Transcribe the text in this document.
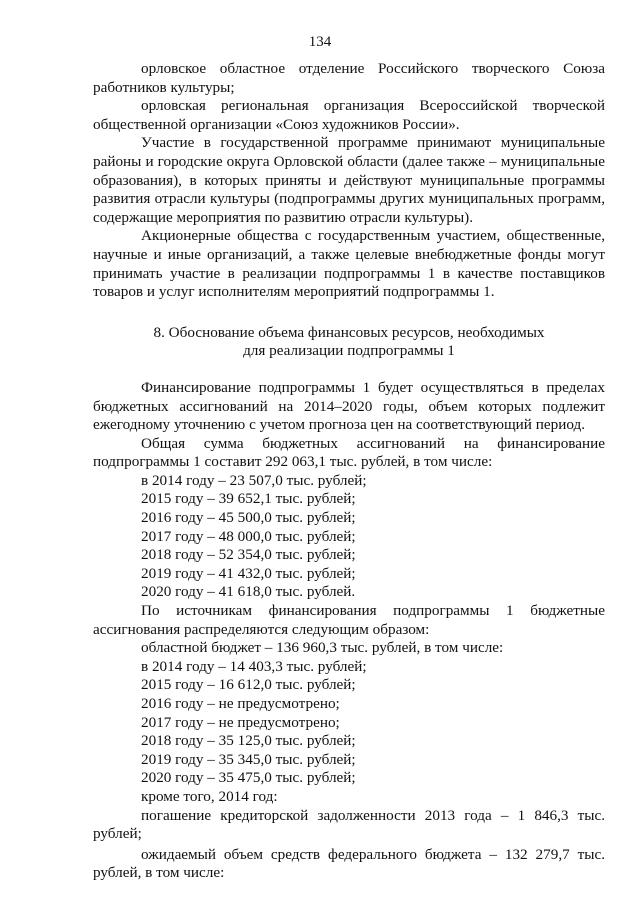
134

орловское областное отделение Российского творческого Союза работников культуры;

орловская региональная организация Всероссийской творческой общественной организации «Союз художников России».

Участие в государственной программе принимают муниципальные районы и городские округа Орловской области (далее также – муниципальные образования), в которых приняты и действуют муниципальные программы развития отрасли культуры (подпрограммы других муниципальных программ, содержащие мероприятия по развитию отрасли культуры).

Акционерные общества с государственным участием, общественные, научные и иные организаций, а также целевые внебюджетные фонды могут принимать участие в реализации подпрограммы 1 в качестве поставщиков товаров и услуг исполнителям мероприятий подпрограммы 1.

8. Обоснование объема финансовых ресурсов, необходимых
для реализации подпрограммы 1

Финансирование подпрограммы 1 будет осуществляться в пределах бюджетных ассигнований на 2014–2020 годы, объем которых подлежит ежегодному уточнению с учетом прогноза цен на соответствующий период.

Общая сумма бюджетных ассигнований на финансирование подпрограммы 1 составит 292 063,1 тыс. рублей, в том числе:

в 2014 году – 23 507,0 тыс. рублей;

2015 году – 39 652,1 тыс. рублей;

2016 году – 45 500,0 тыс. рублей;

2017 году – 48 000,0 тыс. рублей;

2018 году – 52 354,0 тыс. рублей;

2019 году – 41 432,0 тыс. рублей;

2020 году – 41 618,0 тыс. рублей.

По источникам финансирования подпрограммы 1 бюджетные ассигнования распределяются следующим образом:

областной бюджет – 136 960,3 тыс. рублей, в том числе:

в 2014 году – 14 403,3 тыс. рублей;

2015 году – 16 612,0 тыс. рублей;

2016 году – не предусмотрено;

2017 году – не предусмотрено;

2018 году – 35 125,0 тыс. рублей;

2019 году – 35 345,0 тыс. рублей;

2020 году – 35 475,0 тыс. рублей;

кроме того, 2014 год:

погашение кредиторской задолженности 2013 года – 1 846,3 тыс. рублей;

ожидаемый объем средств федерального бюджета – 132 279,7 тыс. рублей, в том числе:
